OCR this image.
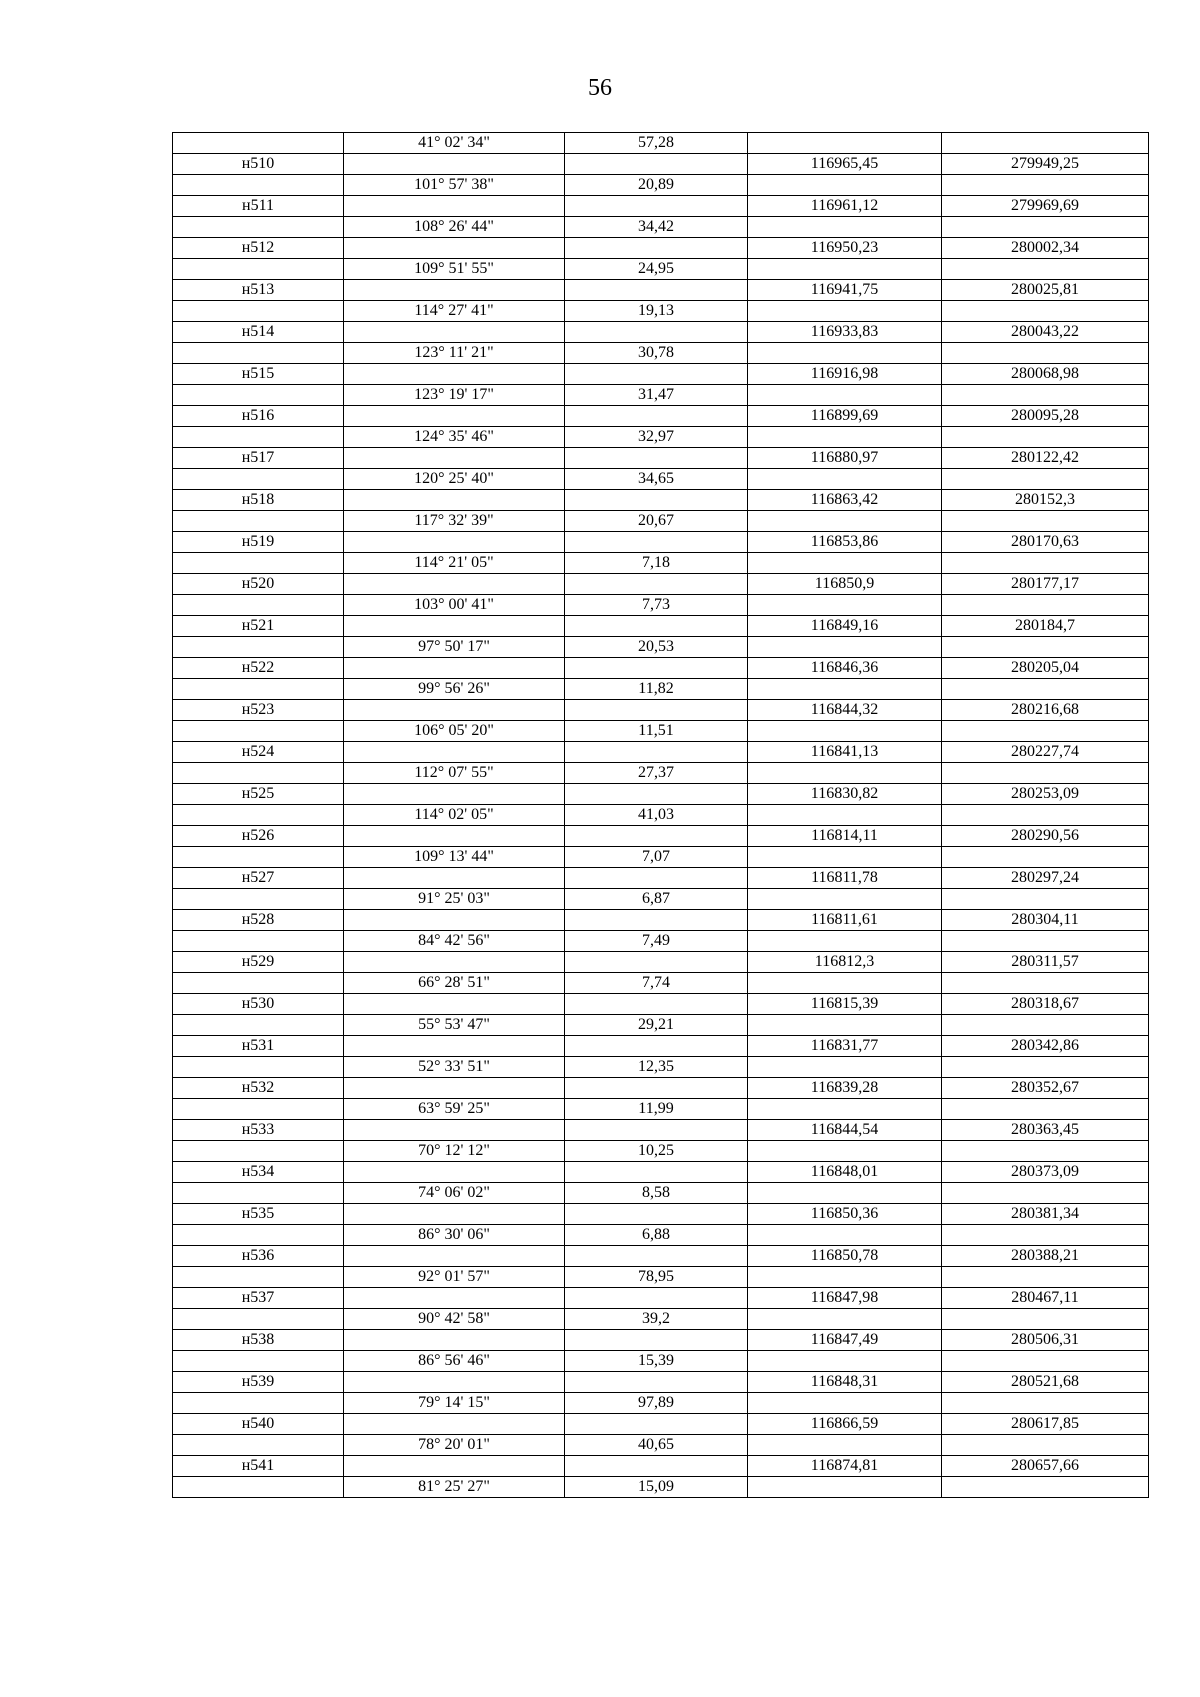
56
	41° 02' 34"	57,28		
н510			116965,45	279949,25
	101° 57' 38"	20,89		
н511			116961,12	279969,69
	108° 26' 44"	34,42		
н512			116950,23	280002,34
	109° 51' 55"	24,95		
н513			116941,75	280025,81
	114° 27' 41"	19,13		
н514			116933,83	280043,22
	123° 11' 21"	30,78		
н515			116916,98	280068,98
	123° 19' 17"	31,47		
н516			116899,69	280095,28
	124° 35' 46"	32,97		
н517			116880,97	280122,42
	120° 25' 40"	34,65		
н518			116863,42	280152,3
	117° 32' 39"	20,67		
н519			116853,86	280170,63
	114° 21' 05"	7,18		
н520			116850,9	280177,17
	103° 00' 41"	7,73		
н521			116849,16	280184,7
	97° 50' 17"	20,53		
н522			116846,36	280205,04
	99° 56' 26"	11,82		
н523			116844,32	280216,68
	106° 05' 20"	11,51		
н524			116841,13	280227,74
	112° 07' 55"	27,37		
н525			116830,82	280253,09
	114° 02' 05"	41,03		
н526			116814,11	280290,56
	109° 13' 44"	7,07		
н527			116811,78	280297,24
	91° 25' 03"	6,87		
н528			116811,61	280304,11
	84° 42' 56"	7,49		
н529			116812,3	280311,57
	66° 28' 51"	7,74		
н530			116815,39	280318,67
	55° 53' 47"	29,21		
н531			116831,77	280342,86
	52° 33' 51"	12,35		
н532			116839,28	280352,67
	63° 59' 25"	11,99		
н533			116844,54	280363,45
	70° 12' 12"	10,25		
н534			116848,01	280373,09
	74° 06' 02"	8,58		
н535			116850,36	280381,34
	86° 30' 06"	6,88		
н536			116850,78	280388,21
	92° 01' 57"	78,95		
н537			116847,98	280467,11
	90° 42' 58"	39,2		
н538			116847,49	280506,31
	86° 56' 46"	15,39		
н539			116848,31	280521,68
	79° 14' 15"	97,89		
н540			116866,59	280617,85
	78° 20' 01"	40,65		
н541			116874,81	280657,66
	81° 25' 27"	15,09		
